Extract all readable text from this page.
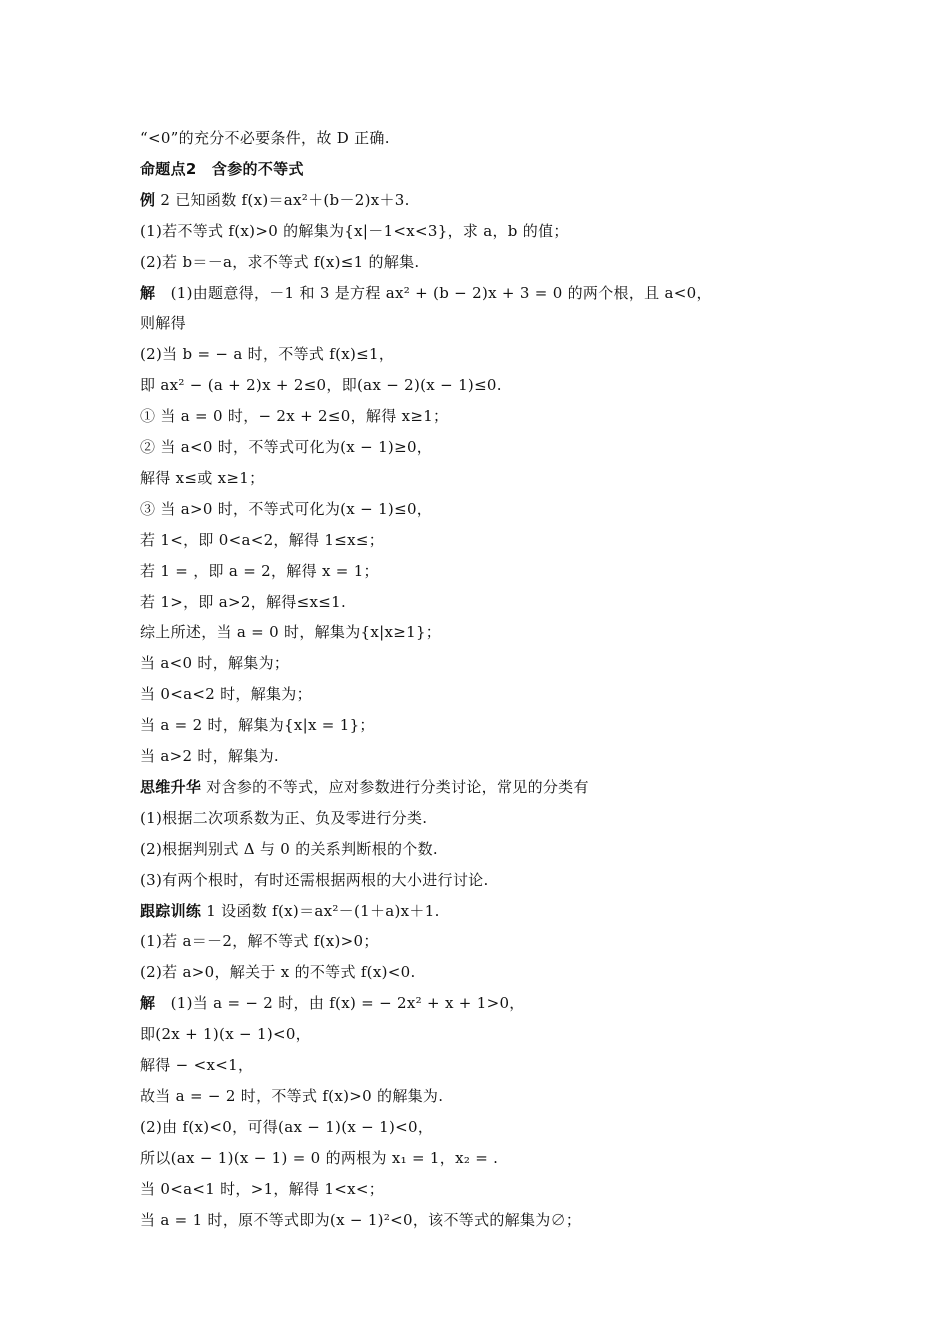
“<0”的充分不必要条件，故 D 正确.
命题点2　含参的不等式
例 2 已知函数 f(x)＝ax²＋(b－2)x＋3.
(1)若不等式 f(x)>0 的解集为{x|－1<x<3}，求 a，b 的值；
(2)若 b＝－a，求不等式 f(x)≤1 的解集.
解　(1)由题意得，－1 和 3 是方程 ax² + (b − 2)x + 3 = 0 的两个根，且 a<0，
则解得
(2)当 b = − a 时，不等式 f(x)≤1，
即 ax² − (a + 2)x + 2≤0，即(ax − 2)(x − 1)≤0.
① 当 a = 0 时，− 2x + 2≤0，解得 x≥1；
② 当 a<0 时，不等式可化为(x − 1)≥0，
解得 x≤或 x≥1；
③ 当 a>0 时，不等式可化为(x − 1)≤0，
若 1<，即 0<a<2，解得 1≤x≤；
若 1 = ，即 a = 2，解得 x = 1；
若 1>，即 a>2，解得≤x≤1.
综上所述，当 a = 0 时，解集为{x|x≥1}；
当 a<0 时，解集为；
当 0<a<2 时，解集为；
当 a = 2 时，解集为{x|x = 1}；
当 a>2 时，解集为.
思维升华 对含参的不等式，应对参数进行分类讨论，常见的分类有
(1)根据二次项系数为正、负及零进行分类.
(2)根据判别式 Δ 与 0 的关系判断根的个数.
(3)有两个根时，有时还需根据两根的大小进行讨论.
跟踪训练 1 设函数 f(x)＝ax²－(1＋a)x＋1.
(1)若 a＝－2，解不等式 f(x)>0；
(2)若 a>0，解关于 x 的不等式 f(x)<0.
解　(1)当 a = − 2 时，由 f(x) = − 2x² + x + 1>0，
即(2x + 1)(x − 1)<0，
解得 − <x<1，
故当 a = − 2 时，不等式 f(x)>0 的解集为.
(2)由 f(x)<0，可得(ax − 1)(x − 1)<0，
所以(ax − 1)(x − 1) = 0 的两根为 x₁ = 1，x₂ = .
当 0<a<1 时，>1，解得 1<x<；
当 a = 1 时，原不等式即为(x − 1)²<0，该不等式的解集为∅；
